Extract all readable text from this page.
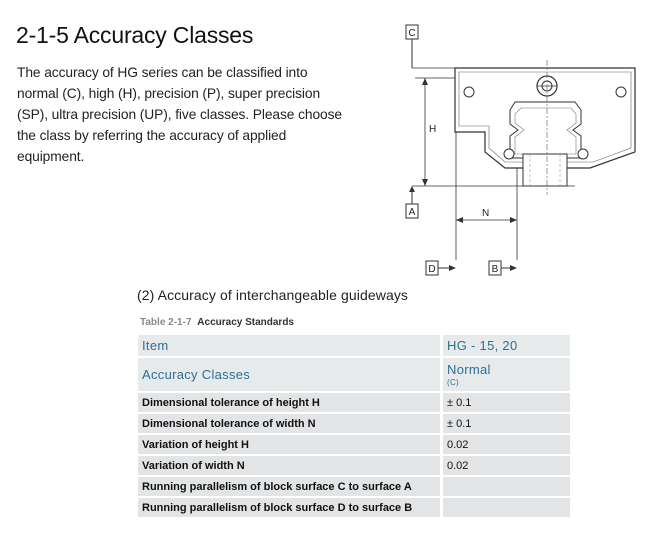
2-1-5 Accuracy Classes

The accuracy of HG series can be classified into normal (C), high (H), precision (P), super precision (SP), ultra precision (UP), five classes. Please choose the class by referring the accuracy of applied equipment.

C
H
A	N
D	B
(2) Accuracy of interchangeable guideways
Table 2-1-7 Accuracy Standards
Item	HG - 15, 20
Accuracy Classes	Normal
(C)

Dimensional tolerance of height H	± 0.1
Dimensional tolerance of width N	± 0.1
Variation of height H	0.02
Variation of width N	0.02
Running parallelism of block surface C to surface A	
Running parallelism of block surface D to surface B	
